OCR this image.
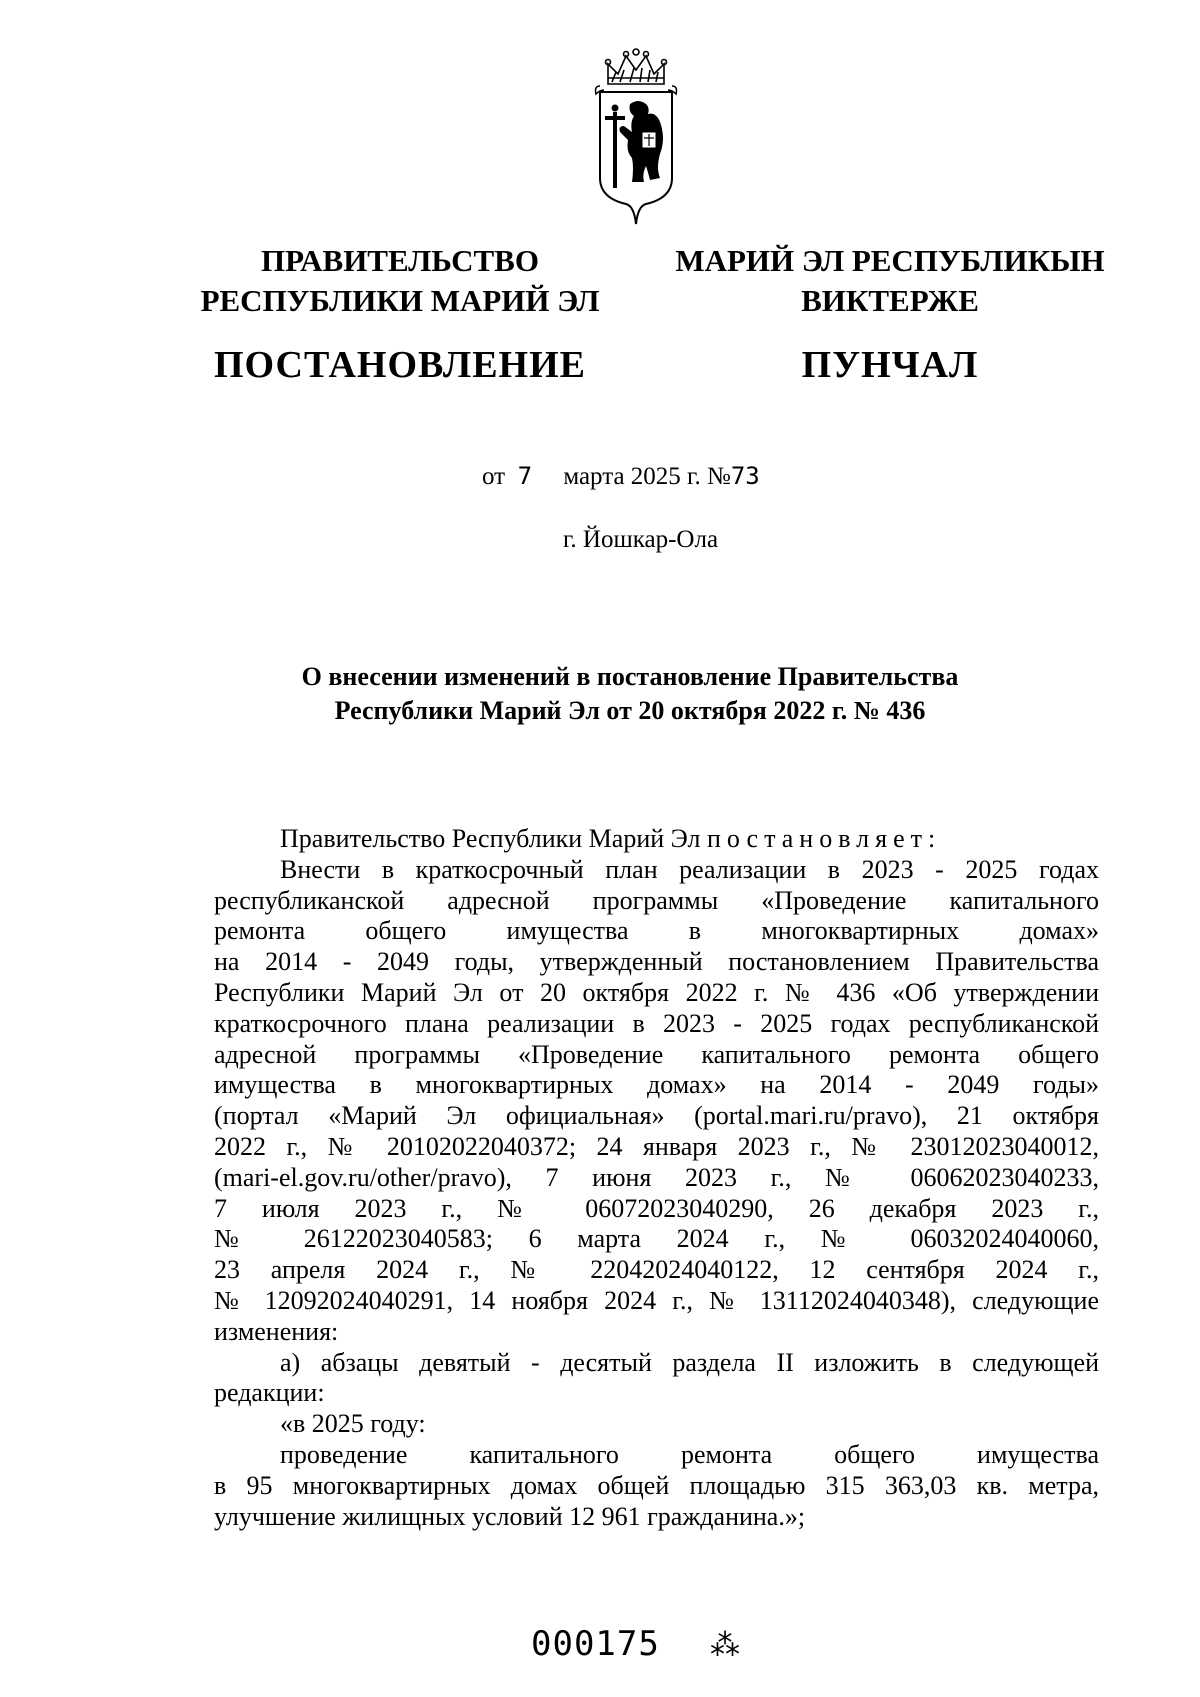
ПРАВИТЕЛЬСТВО
РЕСПУБЛИКИ МАРИЙ ЭЛ
ПОСТАНОВЛЕНИЕ
МАРИЙ ЭЛ РЕСПУБЛИКЫН
ВИКТЕРЖЕ
ПУНЧАЛ
от 7 марта 2025 г. №73
г. Йошкар-Ола
О внесении изменений в постановление Правительства
Республики Марий Эл от 20 октября 2022 г. № 436

Правительство Республики Марий Эл постановляет:

Внести в краткосрочный план реализации в 2023 - 2025 годах

республиканской адресной программы «Проведение капитального

ремонта общего имущества в многоквартирных домах»

на 2014 - 2049 годы, утвержденный постановлением Правительства

Республики Марий Эл от 20 октября 2022 г. № 436 «Об утверждении

краткосрочного плана реализации в 2023 - 2025 годах республиканской

адресной программы «Проведение капитального ремонта общего

имущества в многоквартирных домах» на 2014 - 2049 годы»

(портал «Марий Эл официальная» (portal.mari.ru/pravo), 21 октября

2022 г., № 20102022040372; 24 января 2023 г., № 23012023040012,

(mari-el.gov.ru/other/pravo), 7 июня 2023 г., № 06062023040233,

7 июля 2023 г., № 06072023040290, 26 декабря 2023 г.,

№ 26122023040583; 6 марта 2024 г., № 06032024040060,

23 апреля 2024 г., № 22042024040122, 12 сентября 2024 г.,

№ 12092024040291, 14 ноября 2024 г., № 13112024040348), следующие

изменения:

а) абзацы девятый - десятый раздела II изложить в следующей

редакции:

«в 2025 году:

проведение капитального ремонта общего имущества

в 95 многоквартирных домах общей площадью 315 363,03 кв. метра,

улучшение жилищных условий 12 961 гражданина.»;

000175 ⁂
